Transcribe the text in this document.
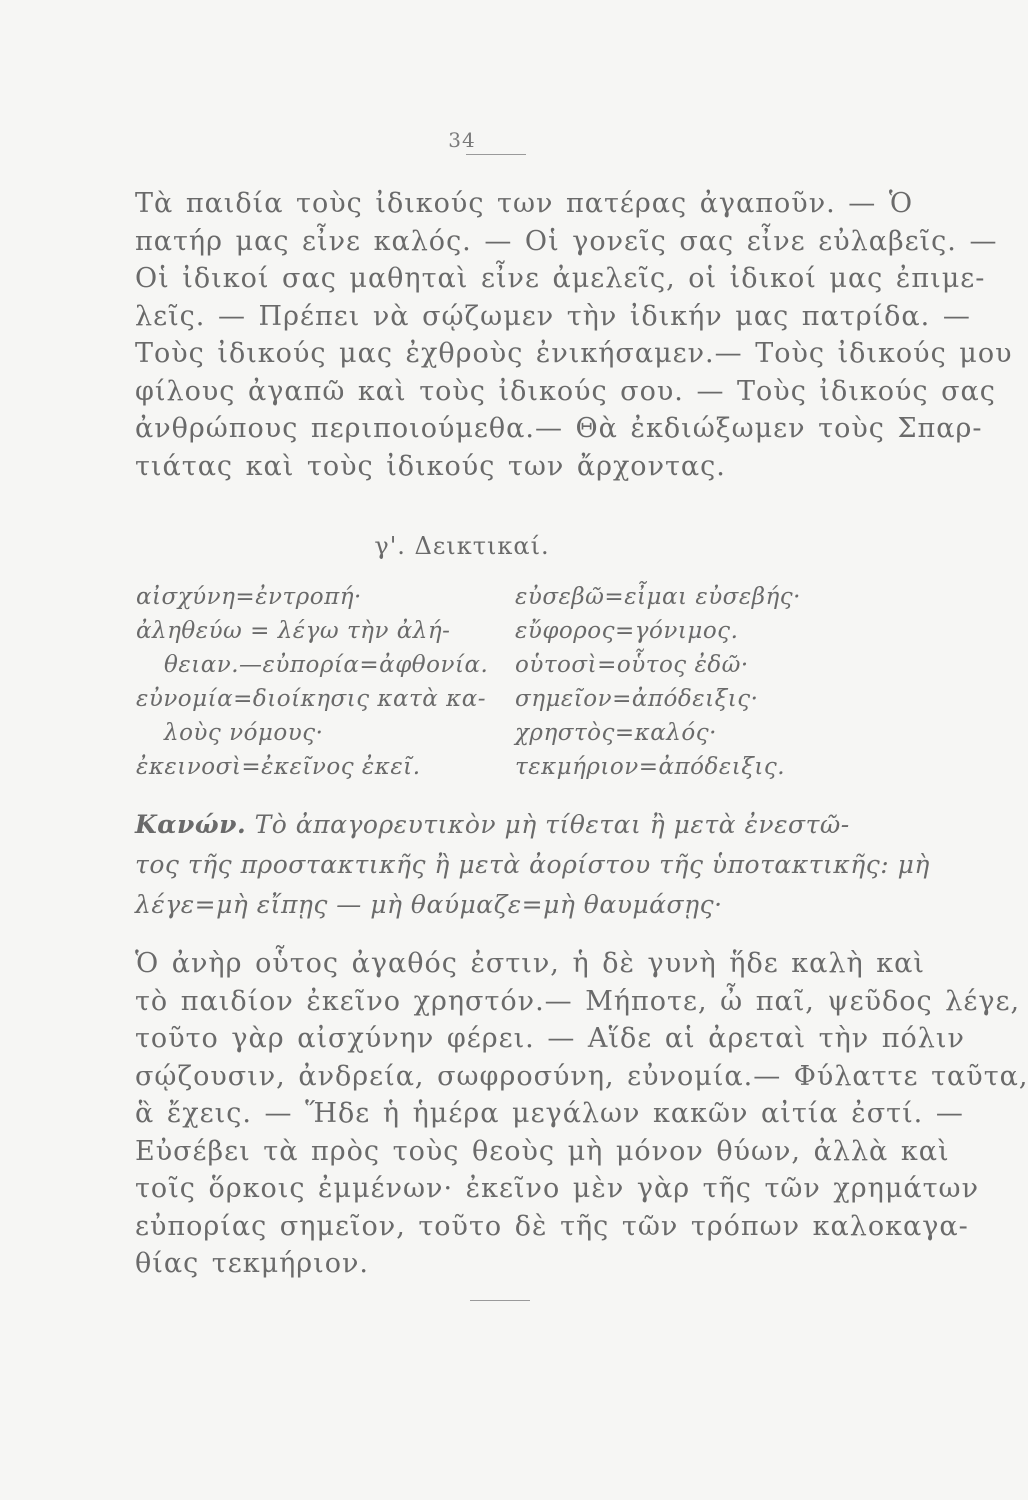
34
Τὰ παιδία τοὺς ἰδικούς των πατέρας ἀγαποῦν. — Ὁ
πατήρ μας εἶνε καλός. — Οἱ γονεῖς σας εἶνε εὐλαβεῖς. —
Οἱ ἰδικοί σας μαθηταὶ εἶνε ἀμελεῖς, οἱ ἰδικοί μας ἐπιμε-
λεῖς. — Πρέπει νὰ σῴζωμεν τὴν ἰδικήν μας πατρίδα. —
Τοὺς ἰδικούς μας ἐχθροὺς ἐνικήσαμεν.— Τοὺς ἰδικούς μου
φίλους ἀγαπῶ καὶ τοὺς ἰδικούς σου. — Τοὺς ἰδικούς σας
ἀνθρώπους περιποιούμεθα.— Θὰ ἐκδιώξωμεν τοὺς Σπαρ-
τιάτας καὶ τοὺς ἰδικούς των ἄρχοντας.
γ'. Δεικτικαί.
αἰσχύνη=ἐντροπή·
ἀληθεύω = λέγω τὴν ἀλή-
θειαν.—εὐπορία=ἀφθονία.
εὐνομία=διοίκησις κατὰ κα-
λοὺς νόμους·
ἐκεινοσὶ=ἐκεῖνος ἐκεῖ.
εὐσεβῶ=εἶμαι εὐσεβής·
εὔφορος=γόνιμος.
οὑτοσὶ=οὗτος ἐδῶ·
σημεῖον=ἀπόδειξις·
χρηστὸς=καλός·
τεκμήριον=ἀπόδειξις.
Κανών. Τὸ ἀπαγορευτικὸν μὴ τίθεται ἢ μετὰ ἐνεστῶ-
τος τῆς προστακτικῆς ἢ μετὰ ἀορίστου τῆς ὑποτακτικῆς: μὴ
λέγε=μὴ εἴπῃς — μὴ θαύμαζε=μὴ θαυμάσῃς·
Ὁ ἀνὴρ οὗτος ἀγαθός ἐστιν, ἡ δὲ γυνὴ ἥδε καλὴ καὶ
τὸ παιδίον ἐκεῖνο χρηστόν.— Μήποτε, ὦ παῖ, ψεῦδος λέγε,
τοῦτο γὰρ αἰσχύνην φέρει. — Αἵδε αἱ ἀρεταὶ τὴν πόλιν
σῴζουσιν, ἀνδρεία, σωφροσύνη, εὐνομία.— Φύλαττε ταῦτα,
ἃ ἔχεις. — Ἥδε ἡ ἡμέρα μεγάλων κακῶν αἰτία ἐστί. —
Εὐσέβει τὰ πρὸς τοὺς θεοὺς μὴ μόνον θύων, ἀλλὰ καὶ
τοῖς ὅρκοις ἐμμένων· ἐκεῖνο μὲν γὰρ τῆς τῶν χρημάτων
εὐπορίας σημεῖον, τοῦτο δὲ τῆς τῶν τρόπων καλοκαγα-
θίας τεκμήριον.
